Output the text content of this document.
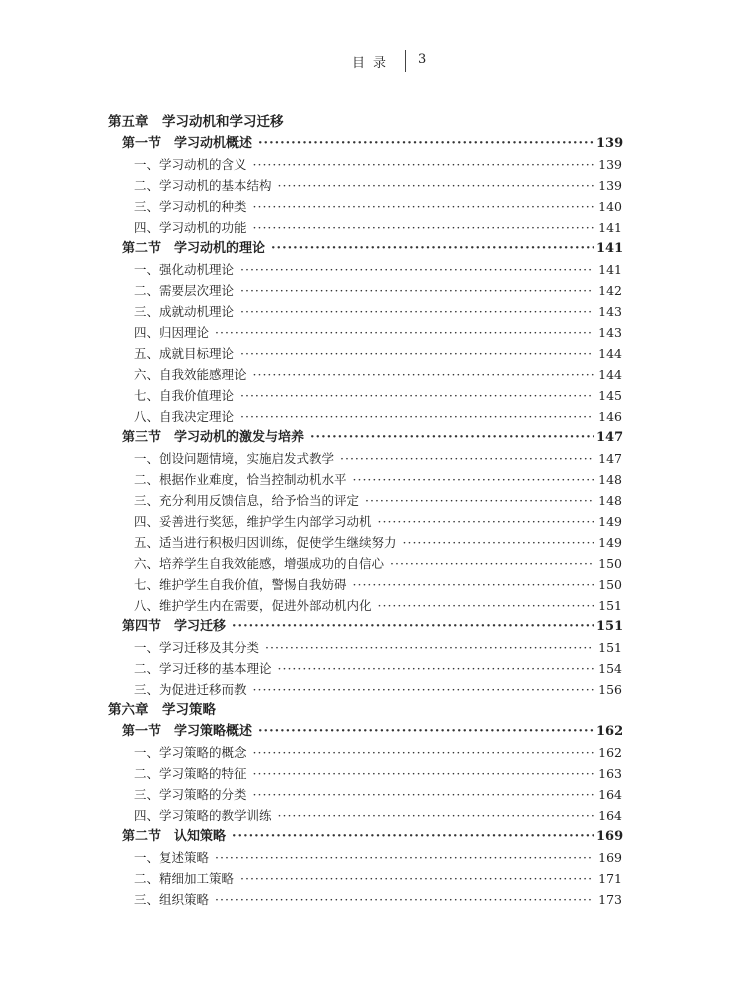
目录 3
第五章　学习动机和学习迁移
第一节　学习动机概述 ·····	139
一、学习动机的含义 ·····	139
二、学习动机的基本结构 ·····	139
三、学习动机的种类 ·····	140
四、学习动机的功能 ·····	141
第二节　学习动机的理论 ·····	141
一、强化动机理论 ·····	141
二、需要层次理论 ·····	142
三、成就动机理论 ·····	143
四、归因理论 ·····	143
五、成就目标理论 ·····	144
六、自我效能感理论 ·····	144
七、自我价值理论 ·····	145
八、自我决定理论 ·····	146
第三节　学习动机的激发与培养 ·····	147
一、创设问题情境，实施启发式教学 ·····	147
二、根据作业难度，恰当控制动机水平 ·····	148
三、充分利用反馈信息，给予恰当的评定 ·····	148
四、妥善进行奖惩，维护学生内部学习动机 ·····	149
五、适当进行积极归因训练，促使学生继续努力 ·····	149
六、培养学生自我效能感，增强成功的自信心 ·····	150
七、维护学生自我价值，警惕自我妨碍 ·····	150
八、维护学生内在需要，促进外部动机内化 ·····	151
第四节　学习迁移 ·····	151
一、学习迁移及其分类 ·····	151
二、学习迁移的基本理论 ·····	154
三、为促进迁移而教 ·····	156
第六章　学习策略
第一节　学习策略概述 ·····	162
一、学习策略的概念 ·····	162
二、学习策略的特征 ·····	163
三、学习策略的分类 ·····	164
四、学习策略的教学训练 ·····	164
第二节　认知策略 ·····	169
一、复述策略 ·····	169
二、精细加工策略 ·····	171
三、组织策略 ·····	173
